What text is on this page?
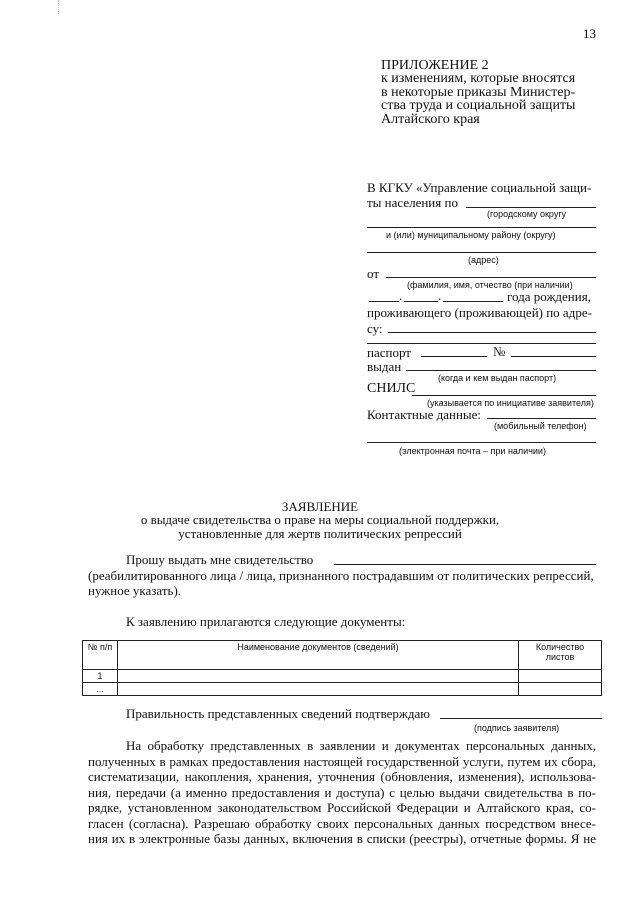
13
ПРИЛОЖЕНИЕ 2
к изменениям, которые вносятся
в некоторые приказы Министер-
ства труда и социальной защиты
Алтайского края
В КГКУ «Управление социальной защи-
ты населения по
(городскому округу
и (или) муниципальному району (округу)
(адрес)
от
(фамилия, имя, отчество (при наличии)
.	.	года рождения,
проживающего (проживающей) по адре-
су:
паспорт	№
выдан
(когда и кем выдан паспорт)
СНИЛС
(указывается по инициативе заявителя)
Контактные данные:
(мобильный телефон)
(электронная почта – при наличии)
ЗАЯВЛЕНИЕ
о выдаче свидетельства о праве на меры социальной поддержки,
установленные для жертв политических репрессий
Прошу выдать мне свидетельство
(реабилитированного лица / лица, признанного пострадавшим от политических репрессий,
нужное указать).
К заявлению прилагаются следующие документы:
№ п/п	Наименование документов (сведений)	Количество листов
1		
...		
Правильность представленных сведений подтверждаю
(подпись заявителя)
На обработку представленных в заявлении и документах персональных данных,
полученных в рамках предоставления настоящей государственной услуги, путем их сбора,
систематизации, накопления, хранения, уточнения (обновления, изменения), использова-
ния, передачи (а именно предоставления и доступа) с целью выдачи свидетельства в по-
рядке, установленном законодательством Российской Федерации и Алтайского края, со-
гласен (согласна). Разрешаю обработку своих персональных данных посредством внесе-
ния их в электронные базы данных, включения в списки (реестры), отчетные формы. Я не
